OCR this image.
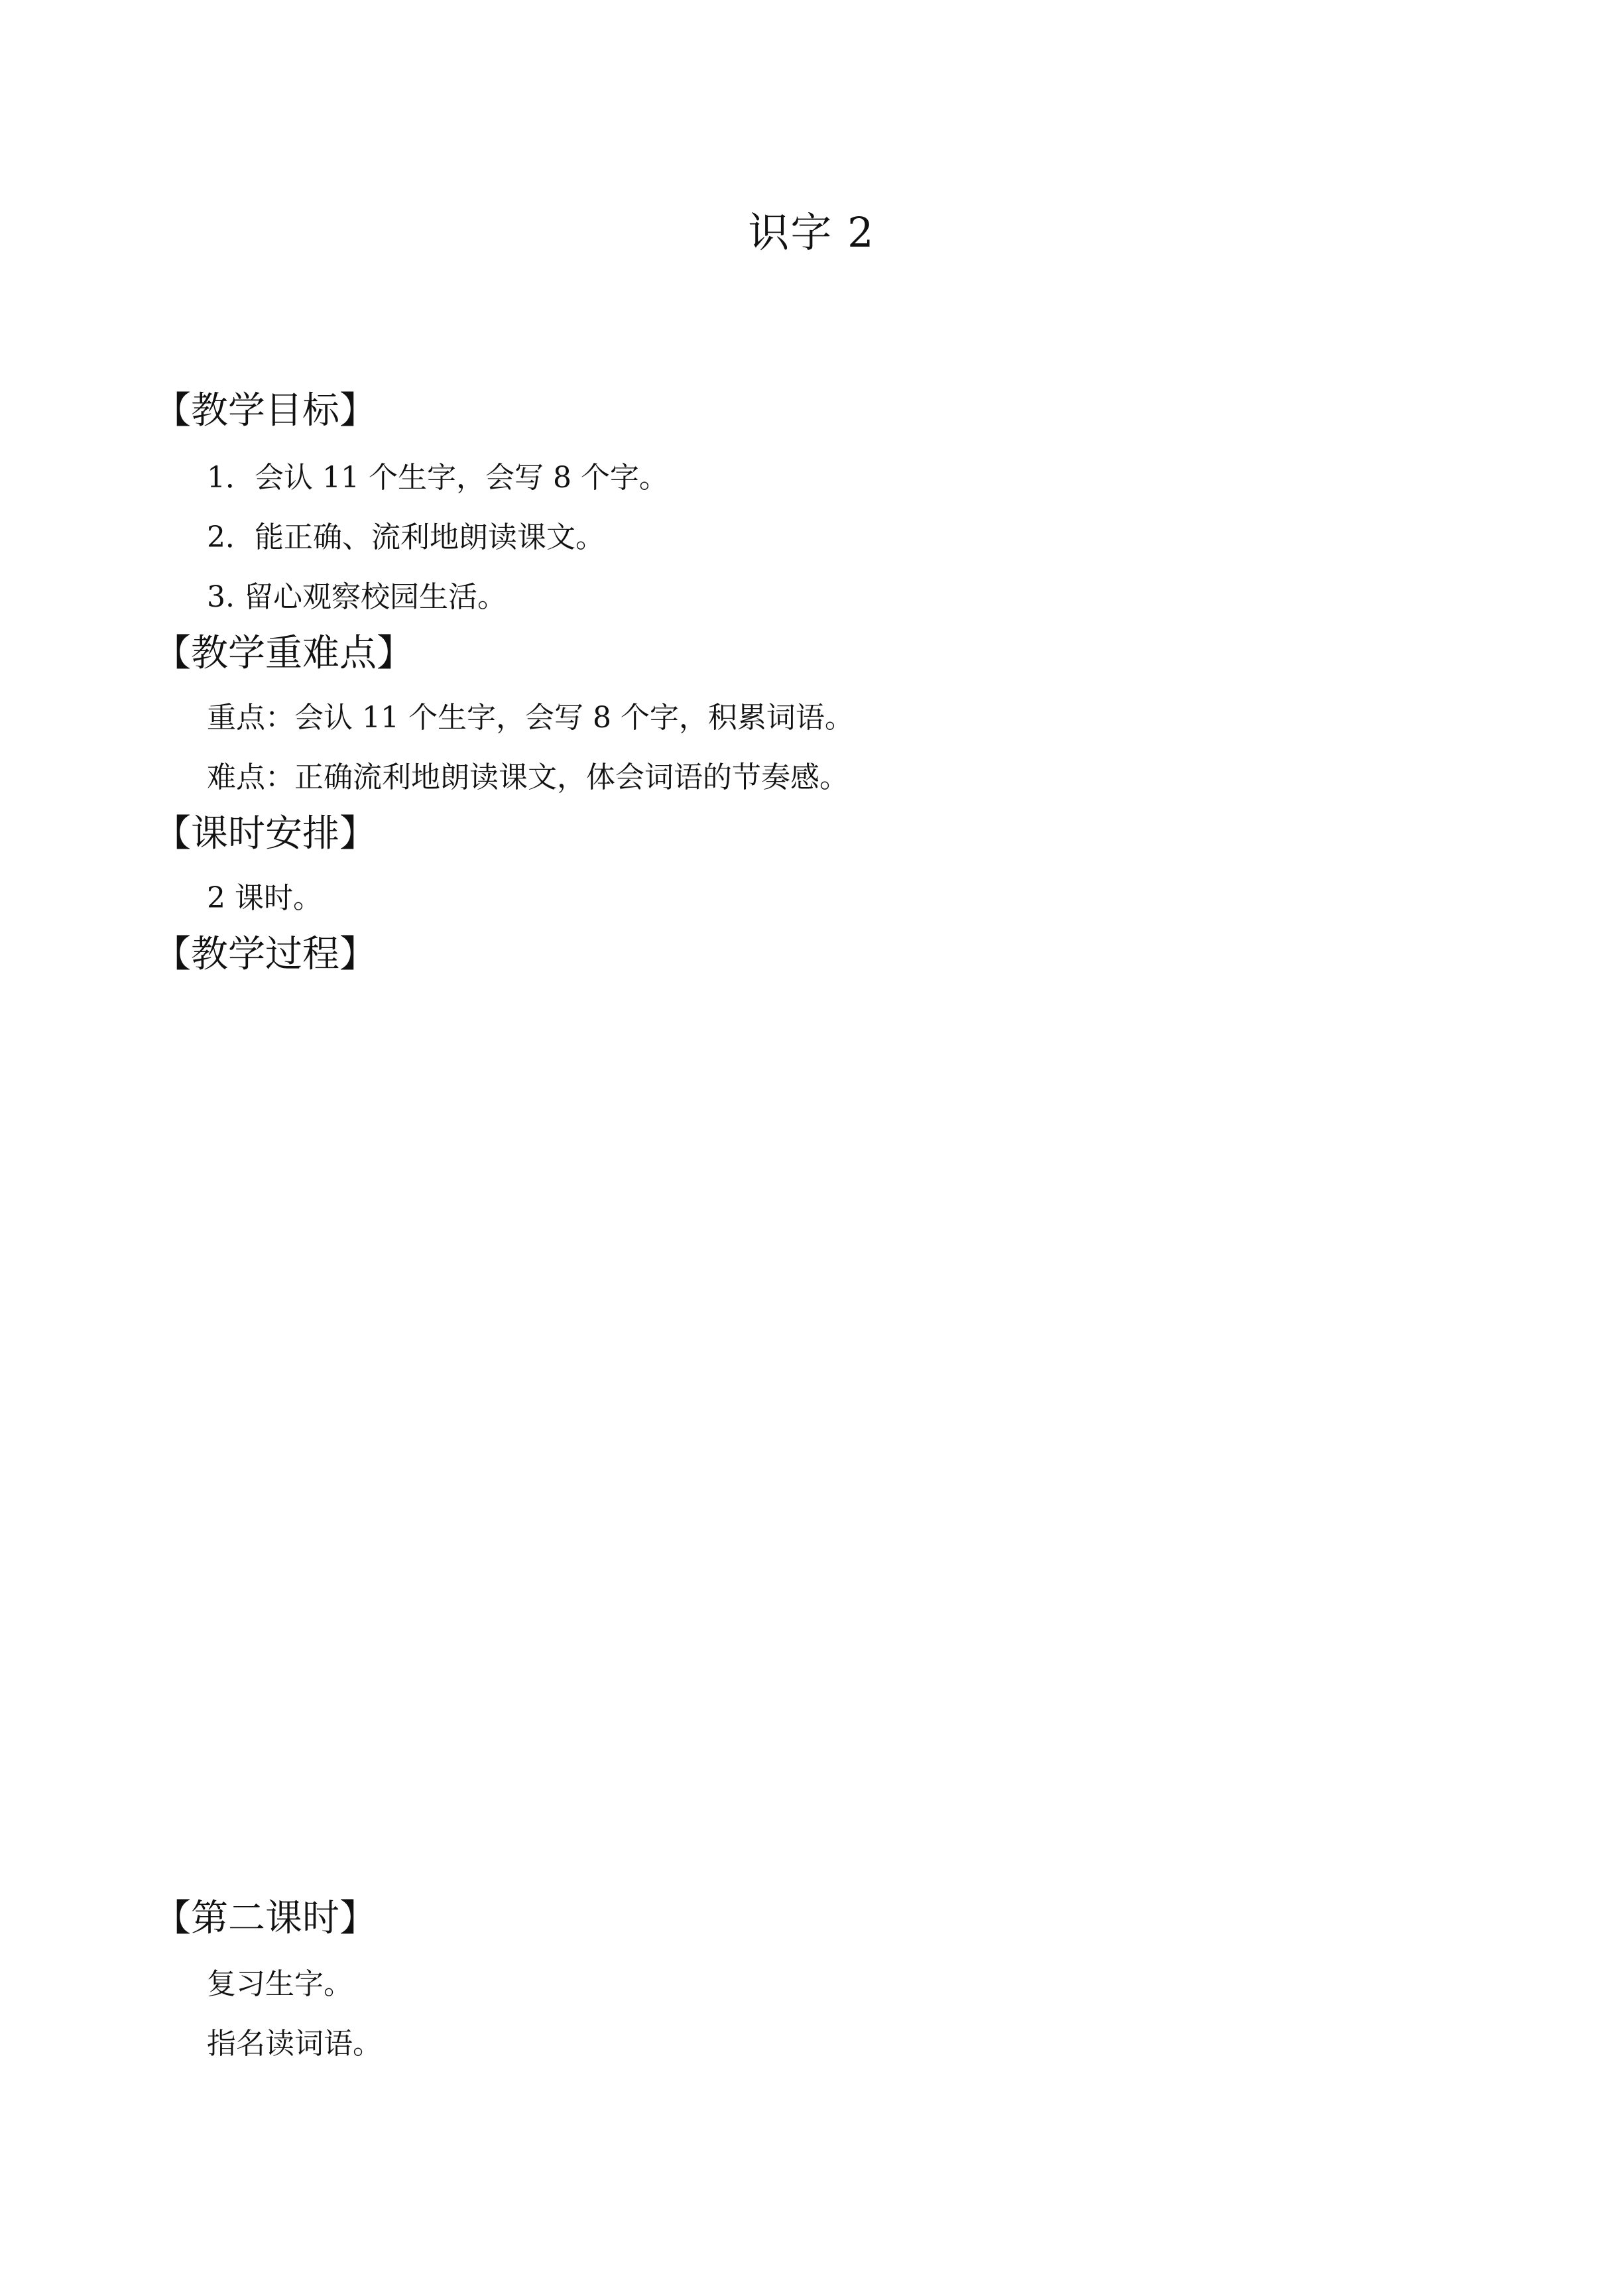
识字 2
【教学目标】
1．会认 11 个生字，会写 8 个字。
2．能正确、流利地朗读课文。
3. 留心观察校园生活。
【教学重难点】
重点：会认 11 个生字，会写 8 个字，积累词语。
难点：正确流利地朗读课文，体会词语的节奏感。
【课时安排】
2 课时。
【教学过程】
【第二课时】
复习生字。
指名读词语。
